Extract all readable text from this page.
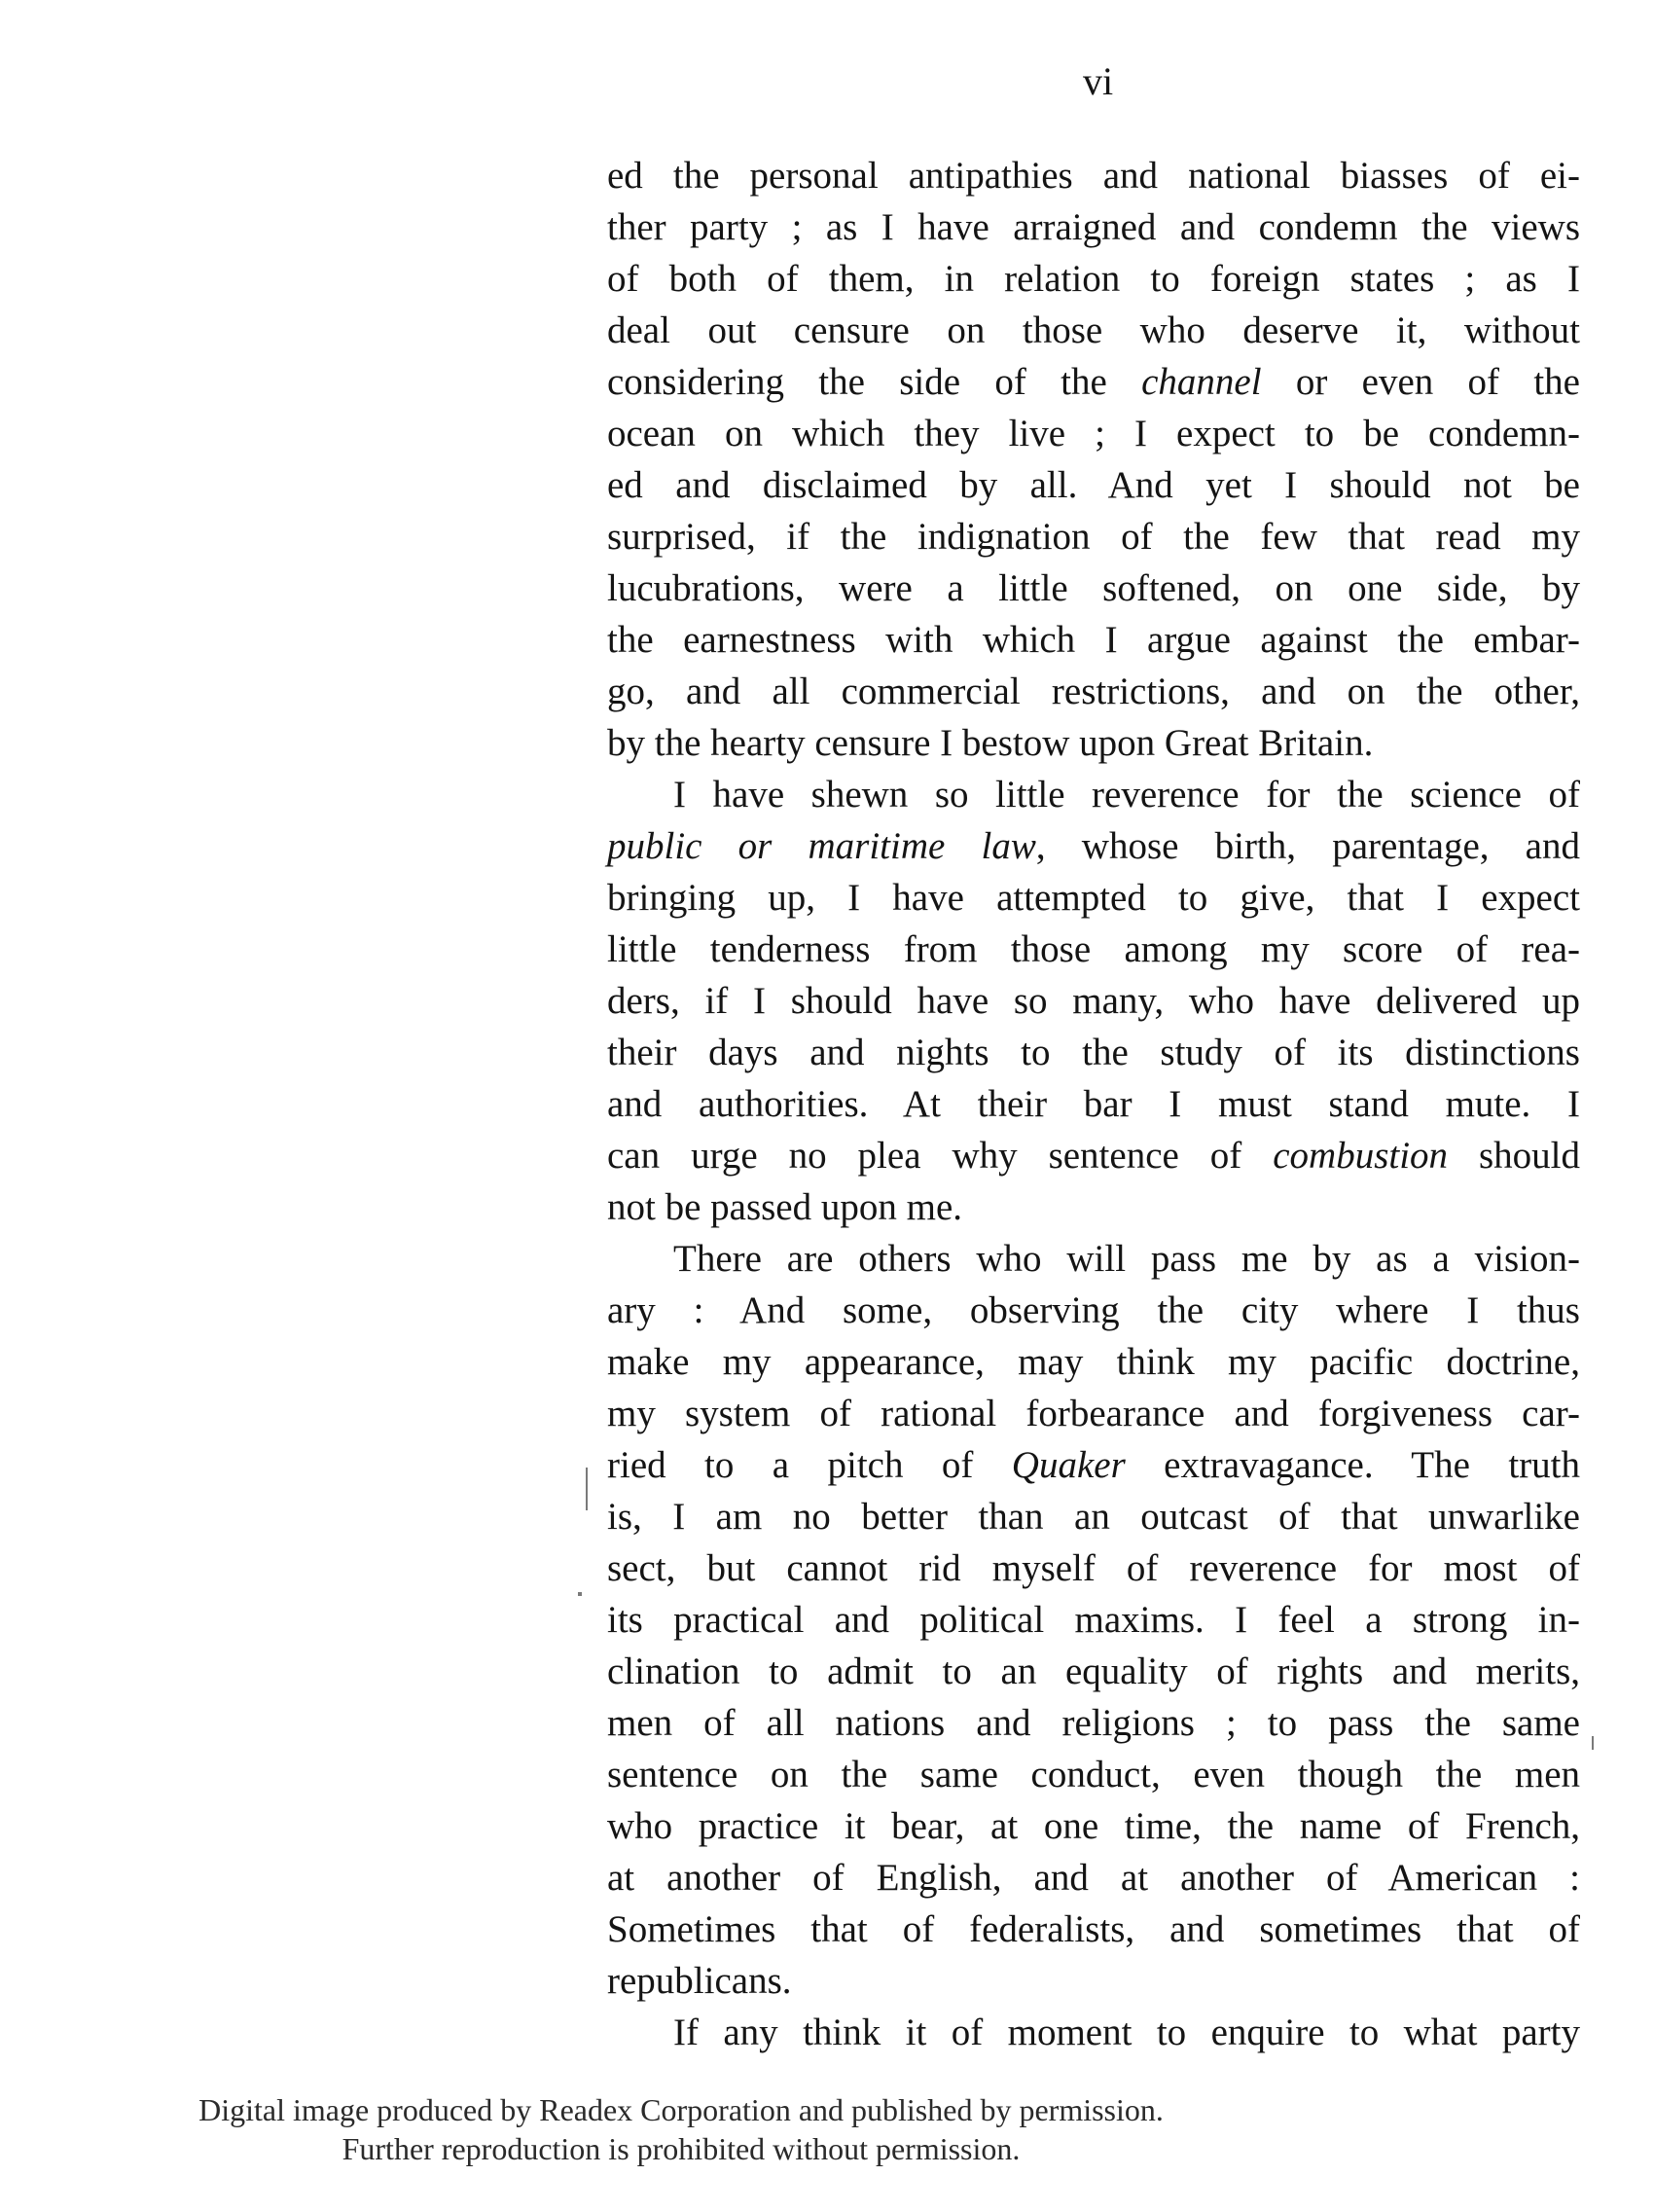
vi
ed the personal antipathies and national biasses of ei-
ther party ; as I have arraigned and condemn the views
of both of them, in relation to foreign states ; as I
deal out censure on those who deserve it, without
considering the side of the channel or even of the
ocean on which they live ; I expect to be condemn-
ed and disclaimed by all. And yet I should not be
surprised, if the indignation of the few that read my
lucubrations, were a little softened, on one side, by
the earnestness with which I argue against the embar-
go, and all commercial restrictions, and on the other,
by the hearty censure I bestow upon Great Britain.
I have shewn so little reverence for the science of
public or maritime law, whose birth, parentage, and
bringing up, I have attempted to give, that I expect
little tenderness from those among my score of rea-
ders, if I should have so many, who have delivered up
their days and nights to the study of its distinctions
and authorities. At their bar I must stand mute. I
can urge no plea why sentence of combustion should
not be passed upon me.
There are others who will pass me by as a vision-
ary : And some, observing the city where I thus
make my appearance, may think my pacific doctrine,
my system of rational forbearance and forgiveness car-
ried to a pitch of Quaker extravagance. The truth
is, I am no better than an outcast of that unwarlike
sect, but cannot rid myself of reverence for most of
its practical and political maxims. I feel a strong in-
clination to admit to an equality of rights and merits,
men of all nations and religions ; to pass the same
sentence on the same conduct, even though the men
who practice it bear, at one time, the name of French,
at another of English, and at another of American :
Sometimes that of federalists, and sometimes that of
republicans.
If any think it of moment to enquire to what party
Digital image produced by Readex Corporation and published by permission.
Further reproduction is prohibited without permission.
